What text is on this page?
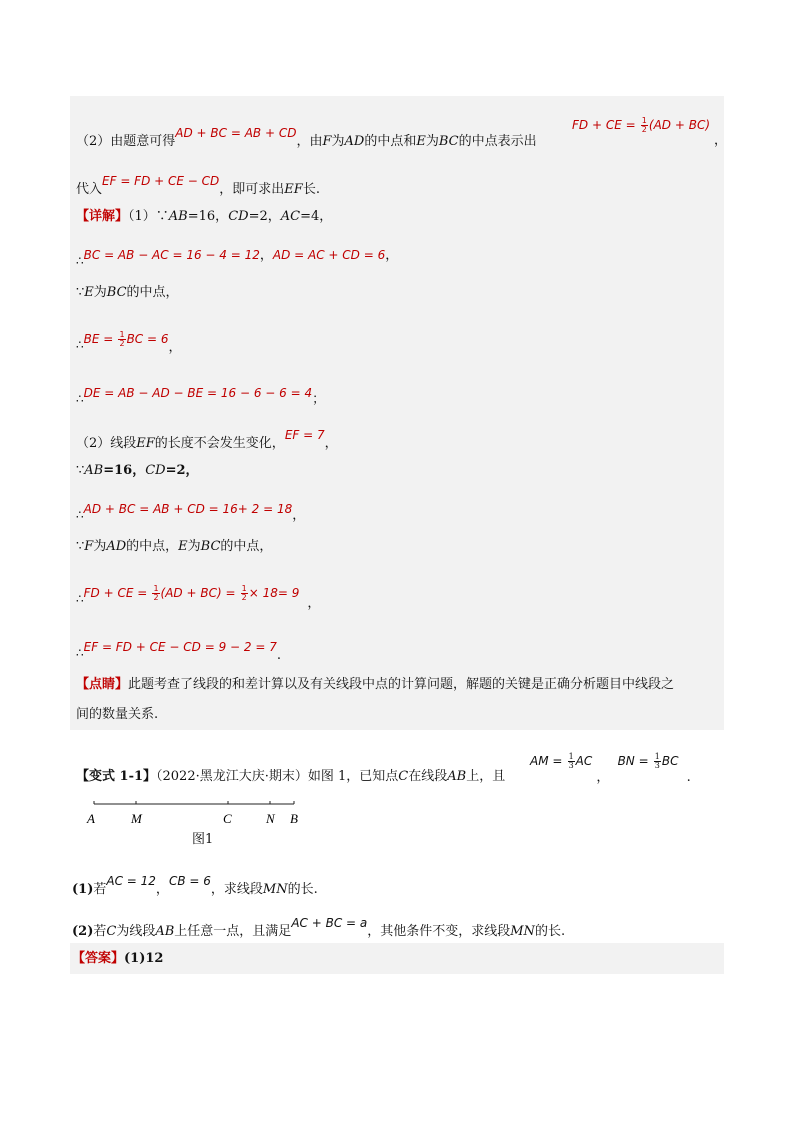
（2）由题意可得AD + BC = AB + CD，由F为AD的中点和E为BC的中点表示出
FD + CE = $\frac{1}{2} (AD + BC)$
，
代入EF = FD + CE − CD，即可求出EF长.
【详解】（1）∵AB=16，CD=2，AC=4，
∴BC = AB − AC = 16 − 4 = 12，AD = AC + CD = 6，
∵E为BC的中点，
∴BE = $\frac{1}{2}$ BC = 6，
∴DE = AB − AD − BE = 16 − 6 − 6 = 4；
（2）线段EF的长度不会发生变化，EF = 7，
∵AB=16，CD=2，
∴AD + BC = AB + CD = 16+ 2 = 18，
∵F为AD的中点，E为BC的中点，
∴FD + CE = $\frac{1}{2} (AD + BC) = \frac{1}{2} \times 18= 9$，
∴EF = FD + CE − CD = 9 − 2 = 7.
【点睛】此题考查了线段的和差计算以及有关线段中点的计算问题，解题的关键是正确分析题目中线段之
间的数量关系.
【变式 1-1】（2022·黑龙江大庆·期末）如图 1，已知点C在线段AB上，且
AM = $\frac{1}{3}$ AC ， BN = $\frac{1}{3}$ BC .
A	M	C	N B
图1
(1)若AC = 12，CB = 6，求线段MN的长.
(2)若C为线段AB上任意一点，且满足AC + BC = a，其他条件不变，求线段MN的长.
【答案】(1)12
